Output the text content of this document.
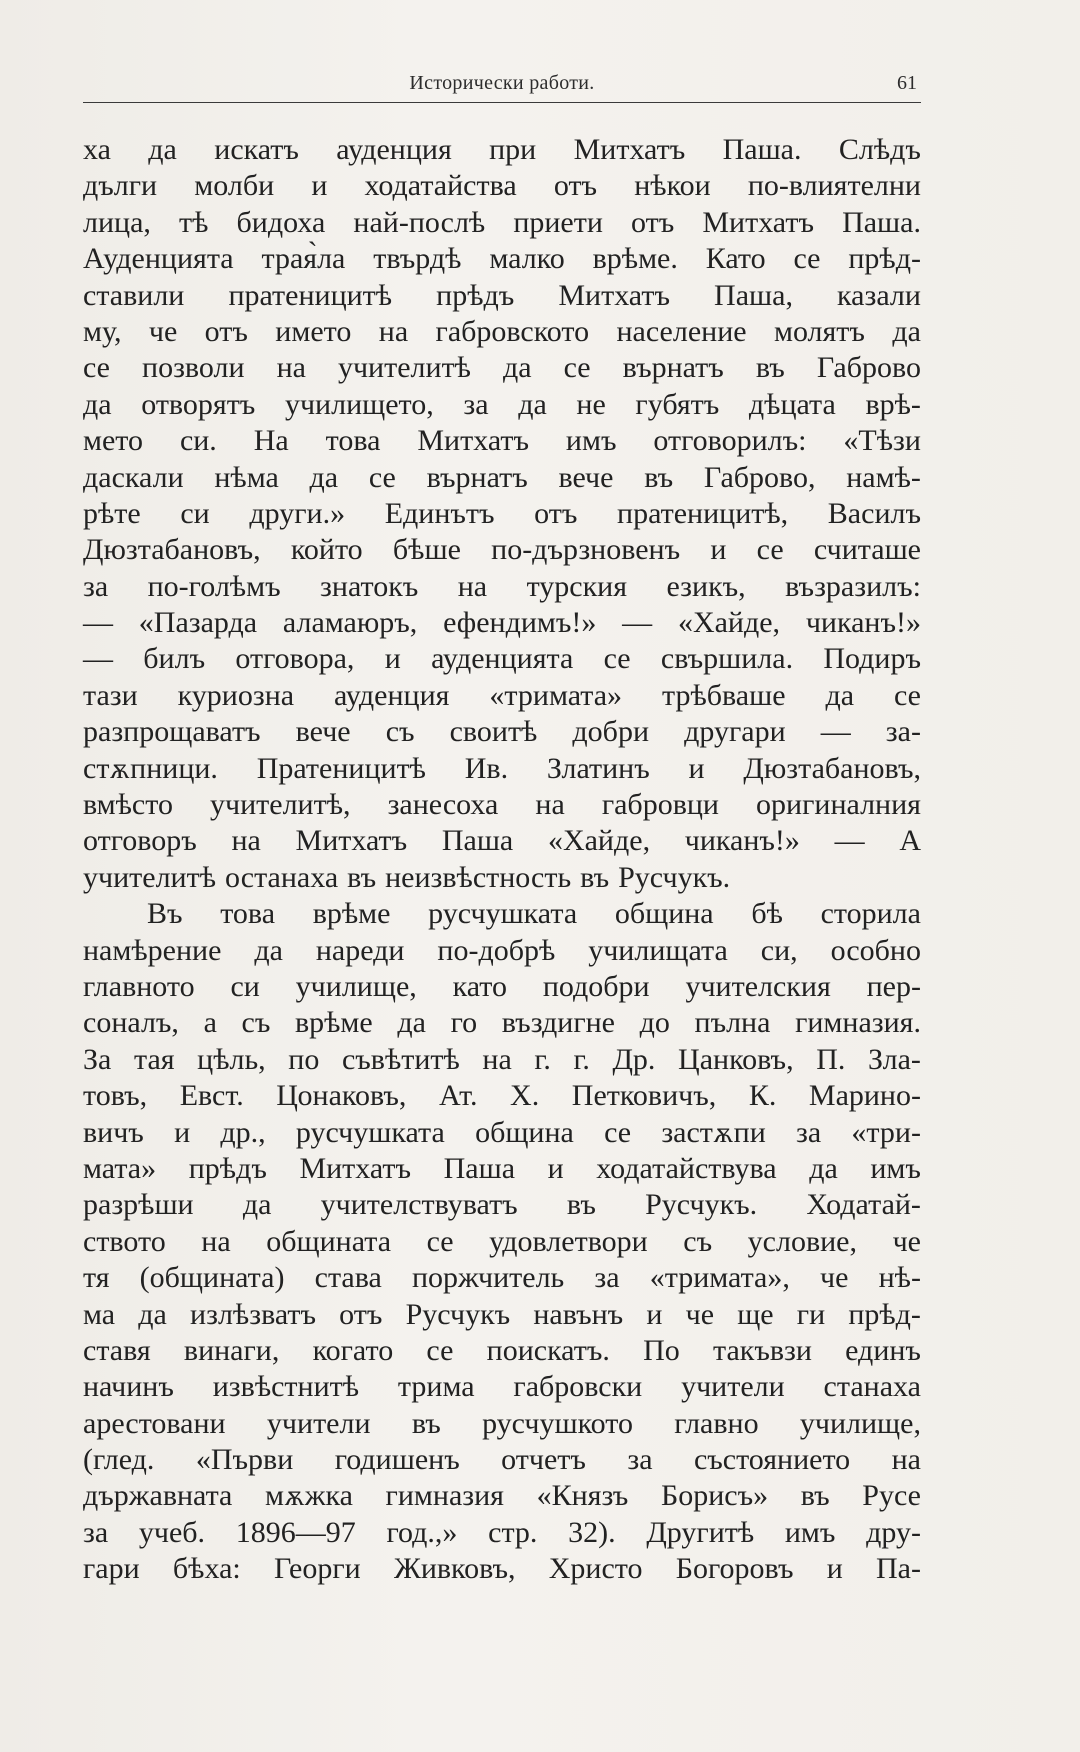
Исторически работи.	61
ха да искатъ ауденция при Митхатъ Паша. Слѣдъ
дълги молби и ходатайства отъ нѣкои по-влиятелни
лица, тѣ бидоха най-послѣ приети отъ Митхатъ Паша.
Ауденцията трая̀ла твърдѣ малко врѣме. Като се прѣд-
ставили пратеницитѣ прѣдъ Митхатъ Паша, казали
му, че отъ името на габровското население молятъ да
се позволи на учителитѣ да се върнатъ въ Габрово
да отворятъ училището, за да не губятъ дѣцата врѣ-
мето си. На това Митхатъ имъ отговорилъ: «Тѣзи
даскали нѣма да се върнатъ вече въ Габрово, намѣ-
рѣте си други.» Единътъ отъ пратеницитѣ, Василъ
Дюзтабановъ, който бѣше по-дързновенъ и се считаше
за по-голѣмъ знатокъ на турския езикъ, възразилъ:
— «Пазарда аламаюръ, ефендимъ!» — «Хайде, чиканъ!»
— билъ отговора, и ауденцията се свършила. Подиръ
тази куриозна ауденция «тримата» трѣбваше да се
разпрощаватъ вече съ своитѣ добри другари — за-
стѫпници. Пратеницитѣ Ив. Златинъ и Дюзтабановъ,
вмѣсто учителитѣ, занесоха на габровци оригиналния
отговоръ на Митхатъ Паша «Хайде, чиканъ!» — А
учителитѣ останаха въ неизвѣстность въ Русчукъ.
Въ това врѣме русчушката община бѣ сторила
намѣрение да нареди по-добрѣ училищата си, особно
главното си училище, като подобри учителския пер-
соналъ, а съ врѣме да го въздигне до пълна гимназия.
За тая цѣль, по съвѣтитѣ на г. г. Др. Цанковъ, П. Зла-
товъ, Евст. Цонаковъ, Ат. Х. Петковичъ, К. Марино-
вичъ и др., русчушката община се застѫпи за «три-
мата» прѣдъ Митхатъ Паша и ходатайствува да имъ
разрѣши да учителствуватъ въ Русчукъ. Ходатай-
ството на общината се удовлетвори съ условие, че
тя (общината) става поржчитель за «тримата», че нѣ-
ма да излѣзватъ отъ Русчукъ навънъ и че ще ги прѣд-
ставя винаги, когато се поискатъ. По такъвзи единъ
начинъ извѣстнитѣ трима габровски учители станаха
арестовани учители въ русчушкото главно училище,
(глед. «Първи годишенъ отчетъ за състоянието на
държавната мѫжка гимназия «Князъ Борисъ» въ Русе
за учеб. 1896—97 год.,» стр. 32). Другитѣ имъ дру-
гари бѣха: Георги Живковъ, Христо Богоровъ и Па-
